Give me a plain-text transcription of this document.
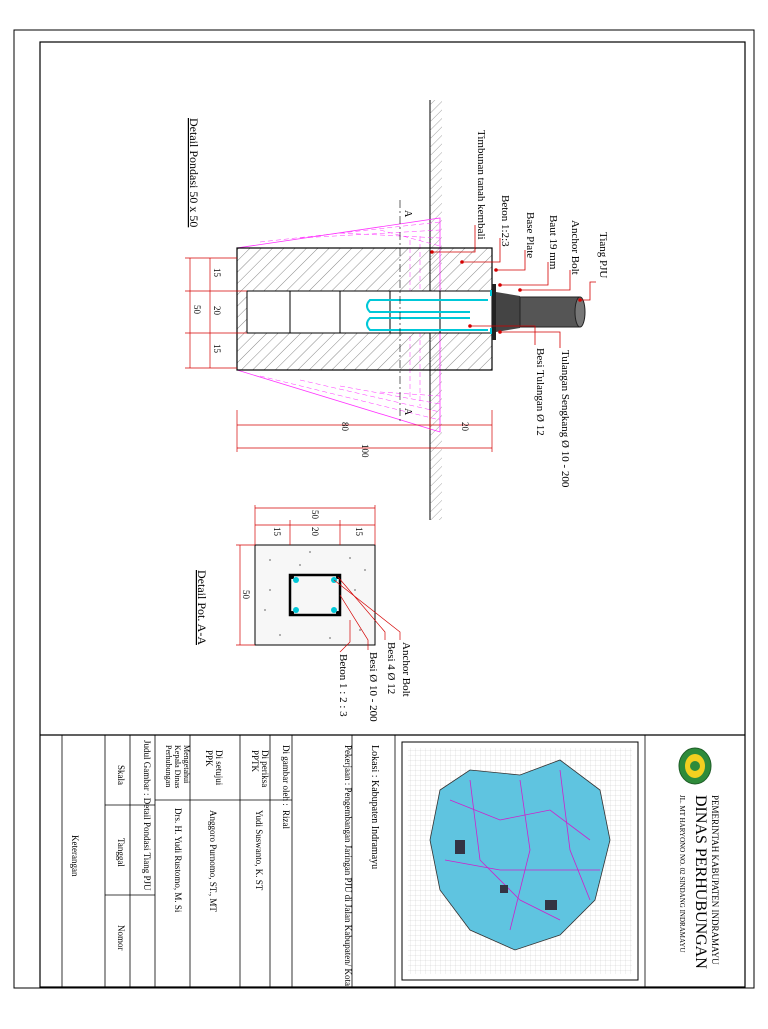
A
A
Tiang PJU
Anchor Bolt
Baut 19 mm
Base Plate
Beton 1:2:3
Timbunan tanah kembali
Tulangan Sengkang Ø 10 - 200
Besi Tulangan Ø 12
Detail Pondasi 50 x 50
15
20
15
50
80	20
100
Anchor Bolt
Besi 4 Ø 12
Besi Ø 10 - 200
Beton 1 : 2 : 3
Detail Pot. A-A
15	20	15
50
50
PEMERINTAH KABUPATEN INDRAMAYU
DINAS PERHUBUNGAN
JL. MT HARYONO NO. 02 SINDANG INDRAMAYU
Lokasi : Kabupaten Indramayu
Pekerjaan : Pengembangan Jaringan PJU di Jalan Kabupaten/ Kota
Di gambar oleh :
Rizal
Di periksa
PPTK
Yudi Suswanto, K. ST
Di setujui
PPK
Anggoro Purnomo, ST., MT
Mengetahui
Kepala Dinas
Perhubungan
Drs. H. Yudi Rustomo, M. Si
Judul Gambar : Detail Pondasi Tiang PJU
Skala
Tanggal
Nomor
Keterangan
